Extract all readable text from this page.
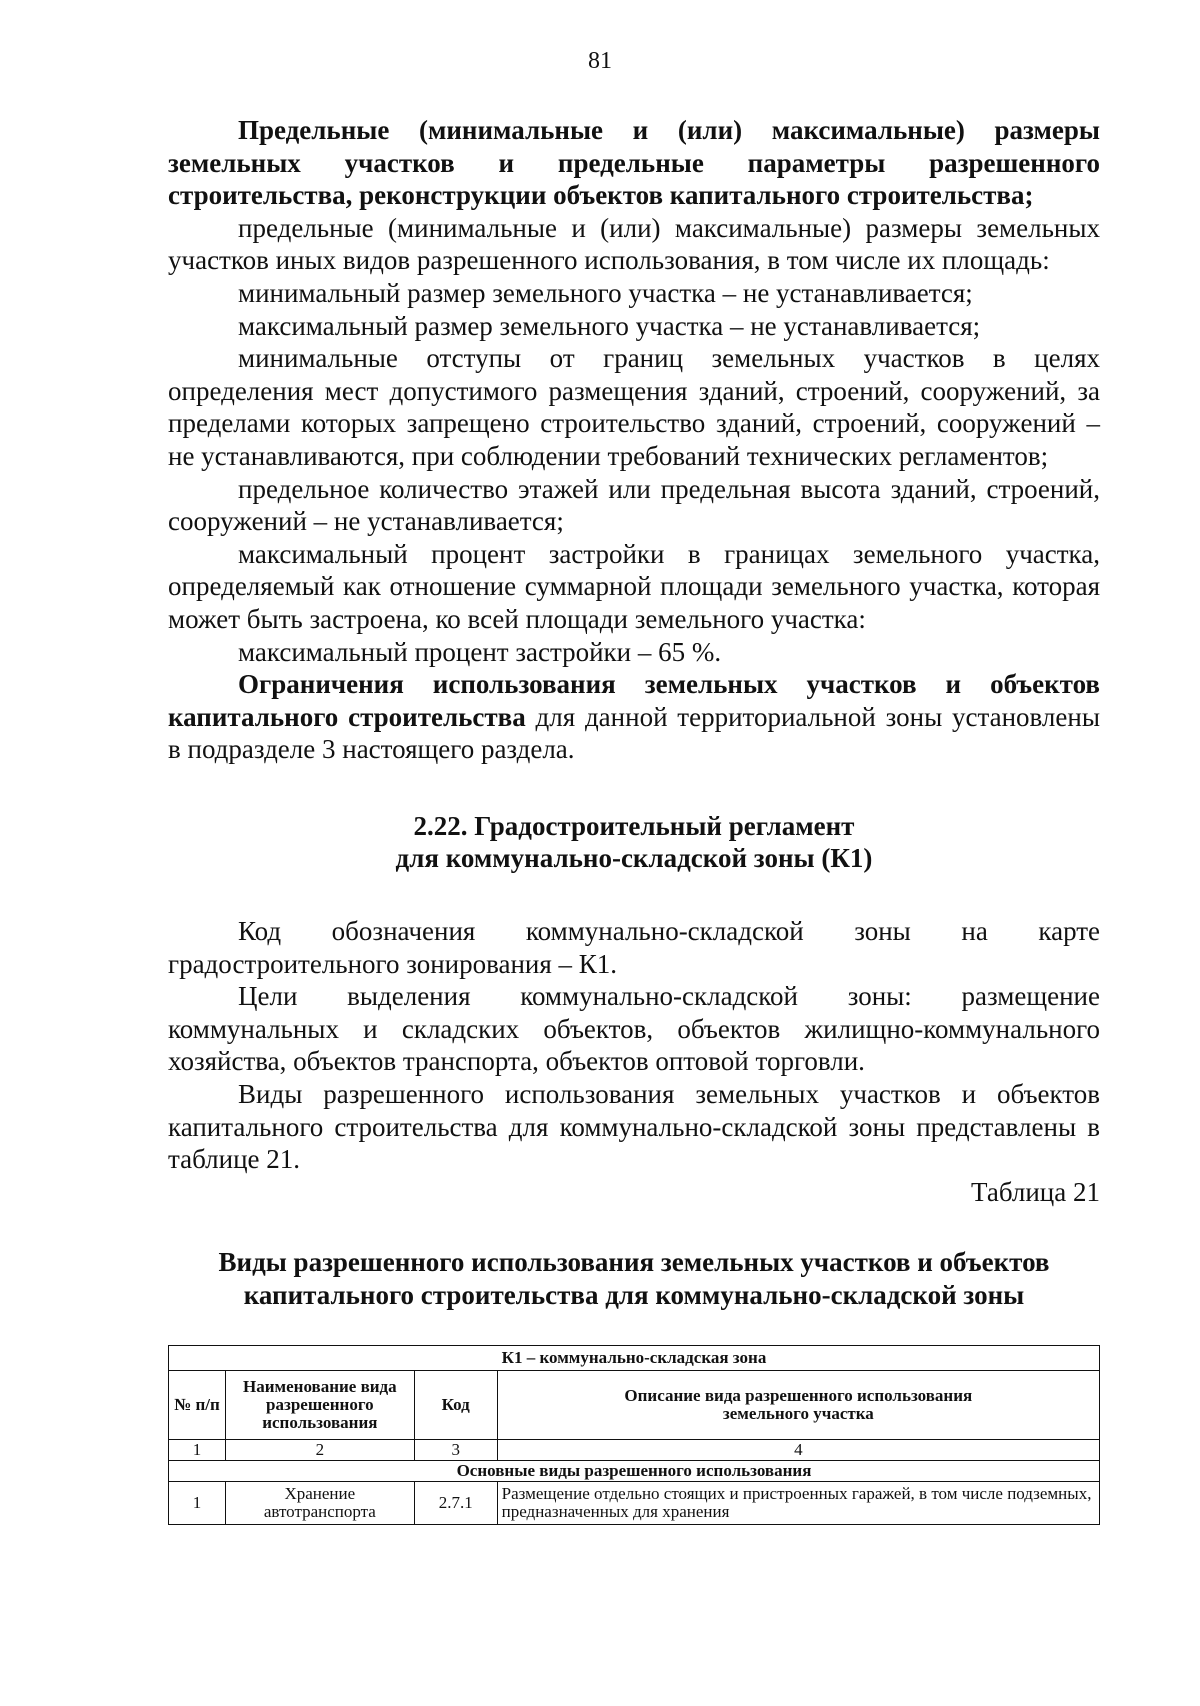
81

Предельные (минимальные и (или) максимальные) размеры земельных участков и предельные параметры разрешенного строительства, реконструкции объектов капитального строительства;

предельные (минимальные и (или) максимальные) размеры земельных участков иных видов разрешенного использования, в том числе их площадь:

минимальный размер земельного участка – не устанавливается;

максимальный размер земельного участка – не устанавливается;

минимальные отступы от границ земельных участков в целях определения мест допустимого размещения зданий, строений, сооружений, за пределами которых запрещено строительство зданий, строений, сооружений – не устанавливаются, при соблюдении требований технических регламентов;

предельное количество этажей или предельная высота зданий, строений, сооружений – не устанавливается;

максимальный процент застройки в границах земельного участка, определяемый как отношение суммарной площади земельного участка, которая может быть застроена, ко всей площади земельного участка:

максимальный процент застройки – 65 %.

Ограничения использования земельных участков и объектов капитального строительства для данной территориальной зоны установлены в подразделе 3 настоящего раздела.

2.22. Градостроительный регламент

для коммунально-складской зоны (К1)

Код обозначения коммунально-складской зоны на карте градостроительного зонирования – К1.

Цели выделения коммунально-складской зоны: размещение коммунальных и складских объектов, объектов жилищно-коммунального хозяйства, объектов транспорта, объектов оптовой торговли.

Виды разрешенного использования земельных участков и объектов капитального строительства для коммунально-складской зоны представлены в таблице 21.

Таблица 21

Виды разрешенного использования земельных участков и объектов

капитального строительства для коммунально-складской зоны

К1 – коммунально-складская зона			
№ п/п	Наименование вида разрешенного использования	Код	Описание вида разрешенного использования земельного участка
1	2	3	4
Основные виды разрешенного использования			
1	Хранение автотранспорта	2.7.1	Размещение отдельно стоящих и пристроенных гаражей, в том числе подземных, предназначенных для хранения
